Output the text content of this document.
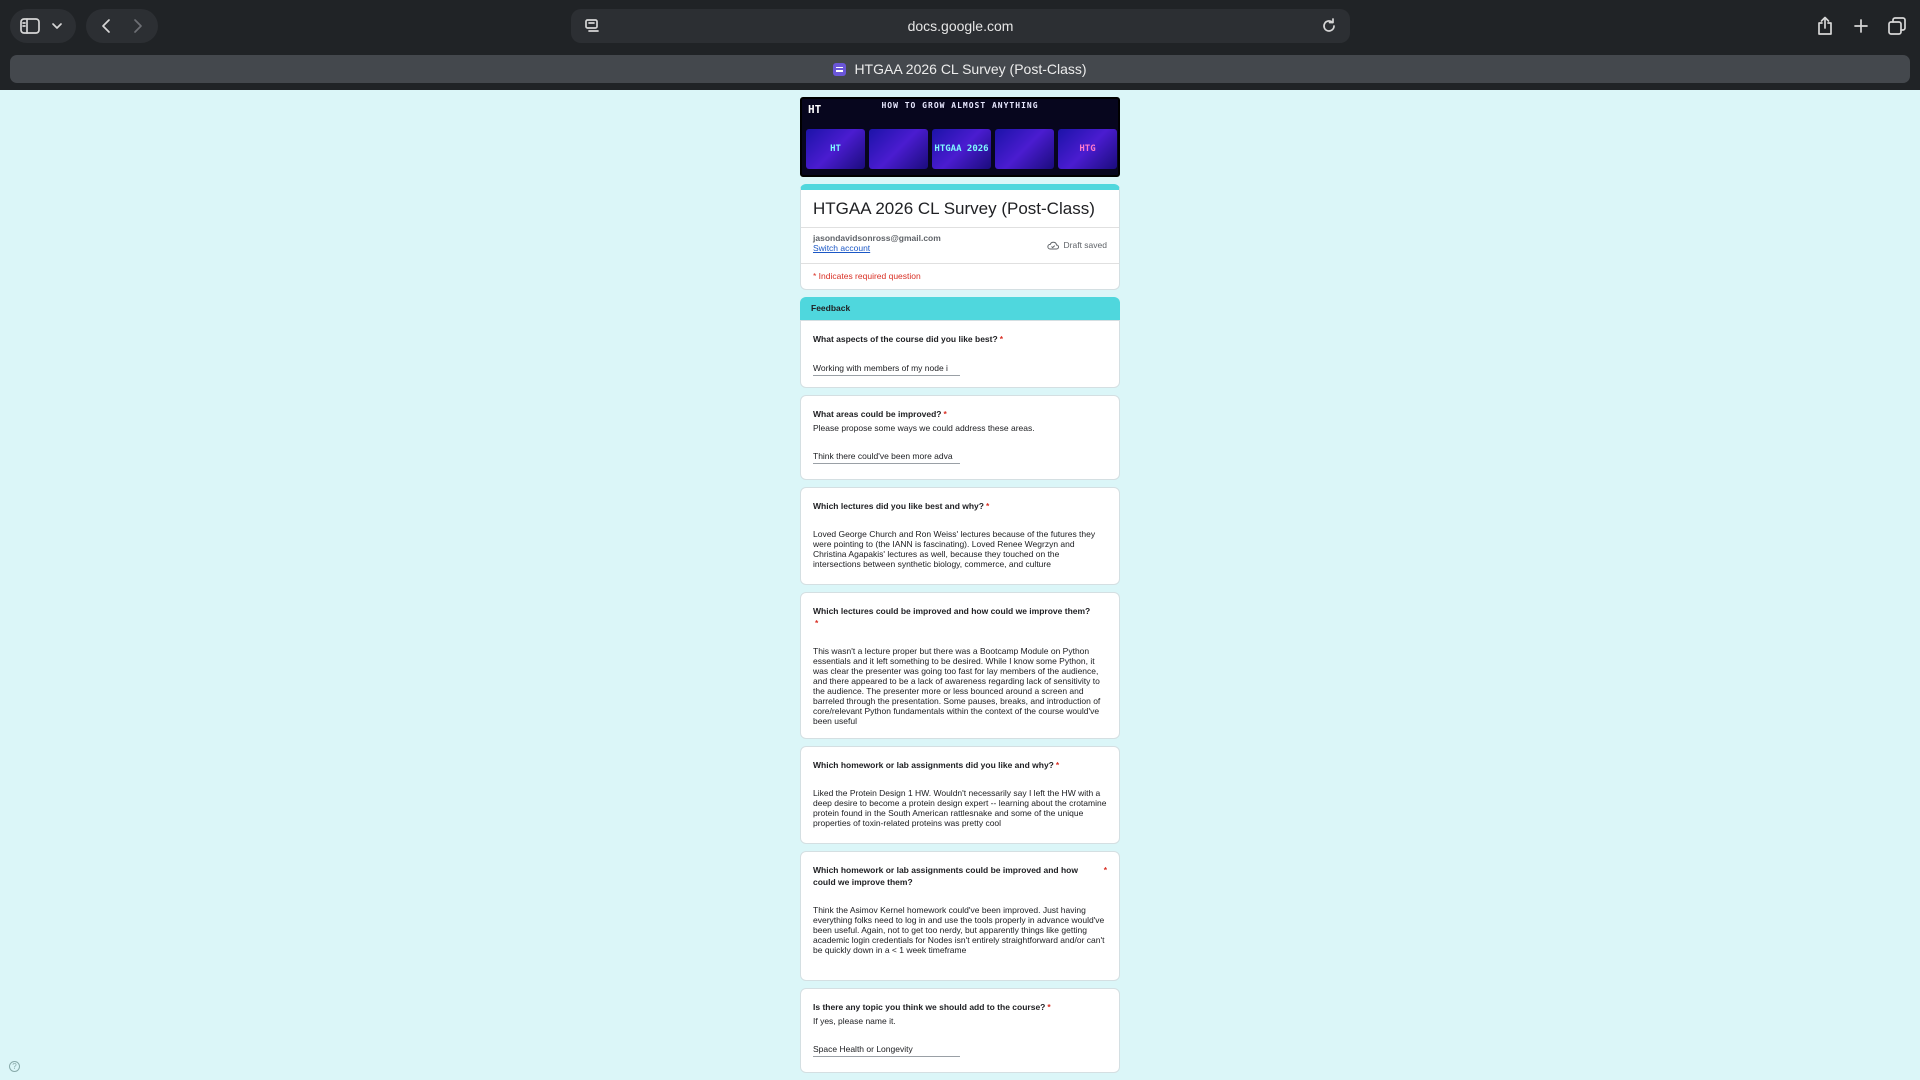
docs.google.com
HTGAA 2026 CL Survey (Post-Class)
HT	HOW TO GROW ALMOST ANYTHING
HT	HTGAA 2026	HTG
HTGAA 2026 CL Survey (Post-Class)
jasondavidsonross@gmail.com
Switch account	Draft saved
* Indicates required question
Feedback
What aspects of the course did you like best? *
Working with members of my node i
What areas could be improved? *
Please propose some ways we could address these areas.
Think there could've been more adva
Which lectures did you like best and why? *
Loved George Church and Ron Weiss' lectures because of the futures they were pointing to (the IANN is fascinating). Loved Renee Wegrzyn and Christina Agapakis' lectures as well, because they touched on the intersections between synthetic biology, commerce, and culture
Which lectures could be improved and how could we improve them?*
This wasn't a lecture proper but there was a Bootcamp Module on Python essentials and it left something to be desired. While I know some Python, it was clear the presenter was going too fast for lay members of the audience, and there appeared to be a lack of awareness regarding lack of sensitivity to the audience. The presenter more or less bounced around a screen and barreled through the presentation. Some pauses, breaks, and introduction of core/relevant Python fundamentals within the context of the course would've been useful
Which homework or lab assignments did you like and why? *
Liked the Protein Design 1 HW. Wouldn't necessarily say I left the HW with a deep desire to become a protein design expert -- learning about the crotamine protein found in the South American rattlesnake and some of the unique properties of toxin-related proteins was pretty cool
Which homework or lab assignments could be improved and how could we improve them?
*
Think the Asimov Kernel homework could've been improved. Just having everything folks need to log in and use the tools properly in advance would've been useful. Again, not to get too nerdy, but apparently things like getting academic login credentials for Nodes isn't entirely straightforward and/or can't be quickly down in a < 1 week timeframe
Is there any topic you think we should add to the course? *
If yes, please name it.
Space Health or Longevity
?
